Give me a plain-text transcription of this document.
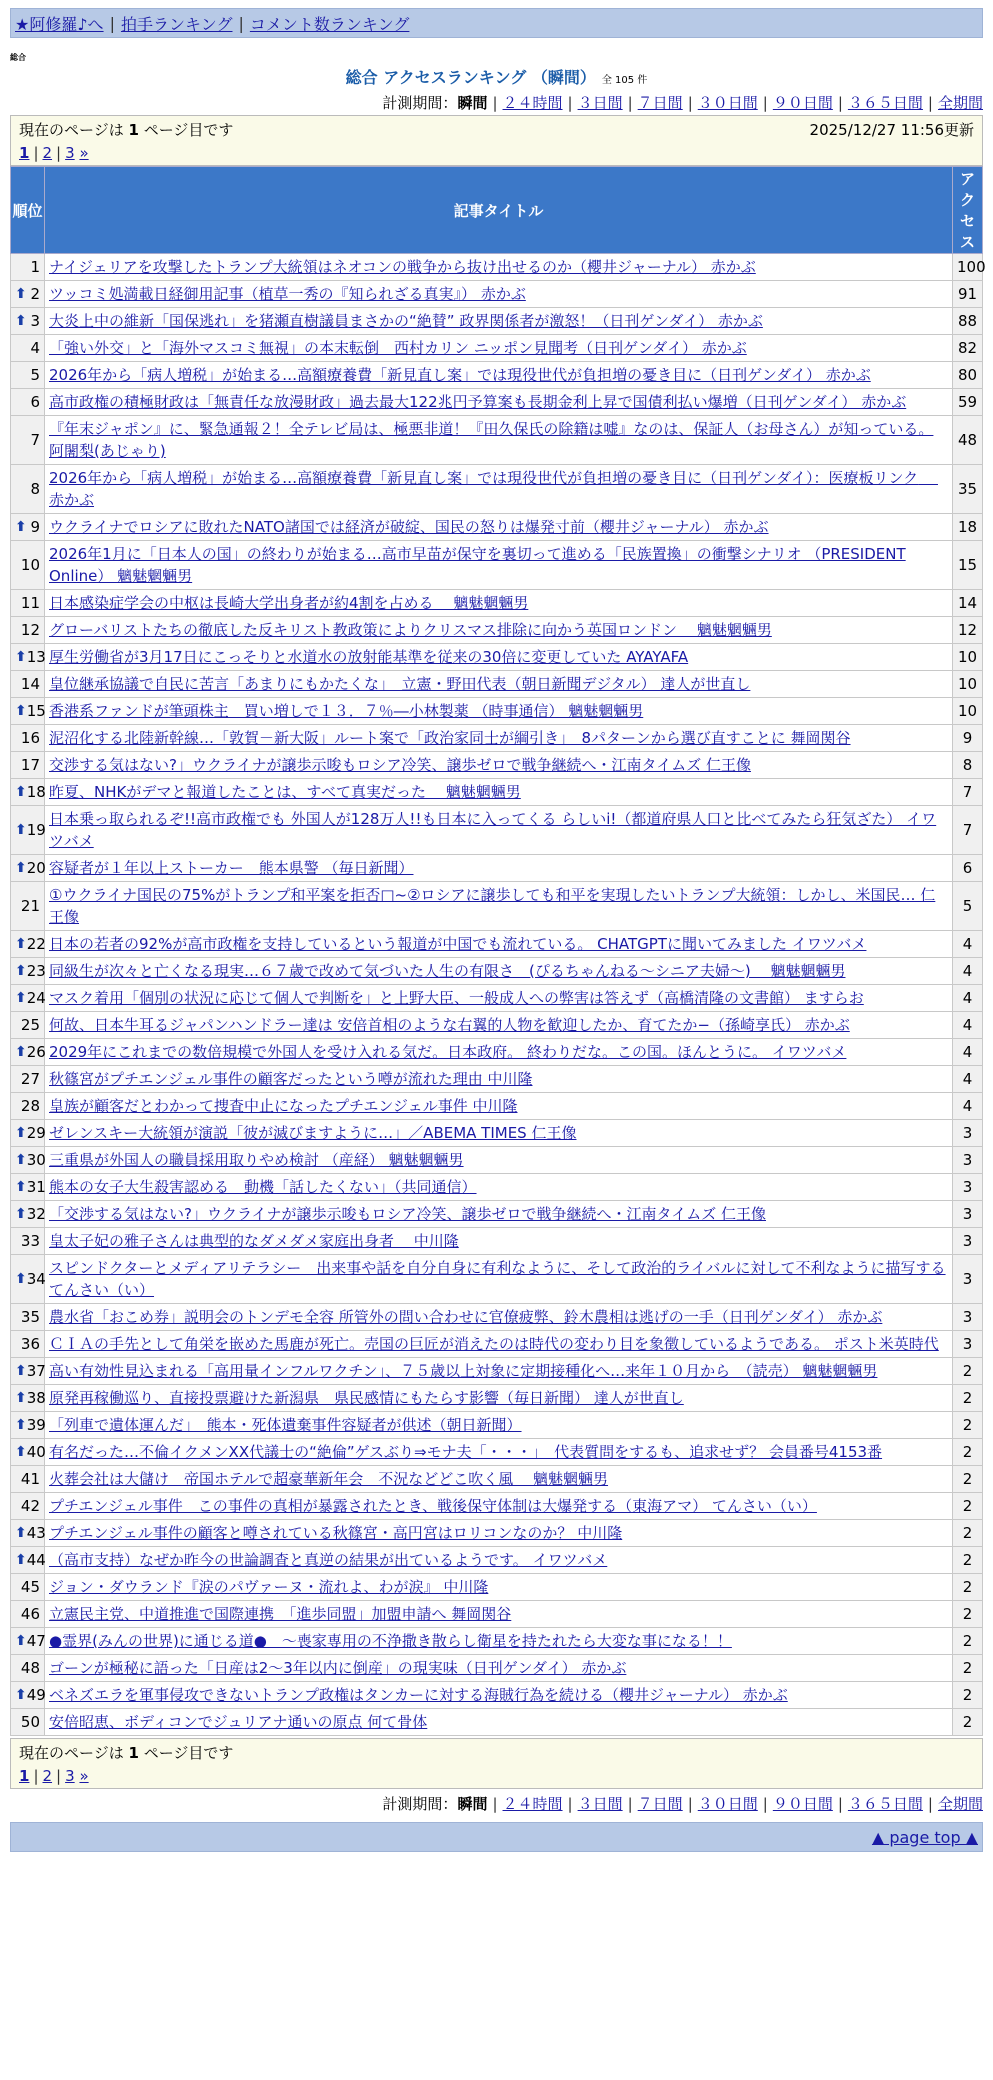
★阿修羅♪へ | 拍手ランキング | コメント数ランキング
総合
総合 アクセスランキング （瞬間） 全 105 件
計測期間：瞬間 | ２４時間 | ３日間 | ７日間 | ３０日間 | ９０日間 | ３６５日間 | 全期間
現在のページは 1 ページ目です	2025/12/27 11:56更新
1 | 2 | 3 »
順位	記事タイトル	アクセス
1	ナイジェリアを攻撃したトランプ大統領はネオコンの戦争から抜け出せるのか（櫻井ジャーナル） 赤かぶ	100

⬆ 2	ツッコミ処満載日経御用記事（植草一秀の『知られざる真実』） 赤かぶ	91

⬆ 3	大炎上中の維新「国保逃れ」を猪瀬直樹議員まさかの“絶賛” 政界関係者が激怒！（日刊ゲンダイ） 赤かぶ	88
4	「強い外交」と「海外マスコミ無視」の本末転倒　西村カリン ニッポン見聞考（日刊ゲンダイ） 赤かぶ	82
5	2026年から「病人増税」が始まる…高額療養費「新見直し案」では現役世代が負担増の憂き目に（日刊ゲンダイ） 赤かぶ	80
6	高市政権の積極財政は「無責任な放漫財政」過去最大122兆円予算案も長期金利上昇で国債利払い爆増（日刊ゲンダイ） 赤かぶ	59
7	『年末ジャポン』に、緊急通報２！全テレビ局は、極悪非道！『田久保氏の除籍は嘘』なのは、保証人（お母さん）が知っている。 阿闍梨(あじゃり)	48
8	2026年から「病人増税」が始まる…高額療養費「新見直し案」では現役世代が負担増の憂き目に（日刊ゲンダイ）：医療板リンク　 赤かぶ	35

⬆ 9	ウクライナでロシアに敗れたNATO諸国では経済が破綻、国民の怒りは爆発寸前（櫻井ジャーナル） 赤かぶ	18
10	2026年1月に「日本人の国」の終わりが始まる…高市早苗が保守を裏切って進める「民族置換」の衝撃シナリオ （PRESIDENT Online） 魑魅魍魎男	15
11	日本感染症学会の中枢は長崎大学出身者が約4割を占める　 魑魅魍魎男	14
12	グローバリストたちの徹底した反キリスト教政策によりクリスマス排除に向かう英国ロンドン　 魑魅魍魎男	12

⬆ 13	厚生労働省が3月17日にこっそりと水道水の放射能基準を従来の30倍に変更していた AYAYAFA	10
14	皇位継承協議で自民に苦言「あまりにもかたくな」　立憲・野田代表（朝日新聞デジタル） 達人が世直し	10

⬆ 15	香港系ファンドが筆頭株主　買い増しで１３．７％―小林製薬 （時事通信） 魑魅魍魎男	10
16	泥沼化する北陸新幹線…「敦賀－新大阪」ルート案で「政治家同士が綱引き」　8パターンから選び直すことに 舞岡関谷	9
17	交渉する気はない?」ウクライナが譲歩示唆もロシア冷笑、譲歩ゼロで戦争継続へ・江南タイムズ 仁王像	8

⬆ 18	昨夏、NHKがデマと報道したことは、すべて真実だった　 魑魅魍魎男	7

⬆ 19	日本乗っ取られるぞ!!高市政権でも 外国人が128万人!!も日本に入ってくる らしいi!（都道府県人口と比べてみたら狂気ざた） イワツバメ	7

⬆ 20	容疑者が１年以上ストーカー　熊本県警 （毎日新聞）	6
21	①ウクライナ国民の75%がトランプ和平案を拒否□~②ロシアに譲歩しても和平を実現したいトランプ大統領：しかし、米国民… 仁王像	5

⬆ 22	日本の若者の92%が高市政権を支持しているという報道が中国でも流れている。 CHATGPTに聞いてみました イワツバメ	4

⬆ 23	同級生が次々と亡くなる現実…６７歳で改めて気づいた人生の有限さ　(ぴるちゃんねる〜シニア夫婦〜)　 魑魅魍魎男	4

⬆ 24	マスク着用「個別の状況に応じて個人で判断を」と上野大臣、一般成人への弊害は答えず（高橋清隆の文書館） ますらお	4
25	何故、日本牛耳るジャパンハンドラー達は 安倍首相のような右翼的人物を歓迎したか、育てたか−（孫崎享氏） 赤かぶ	4

⬆ 26	2029年にこれまでの数倍規模で外国人を受け入れる気だ。日本政府。 終わりだな。この国。ほんとうに。 イワツバメ	4
27	秋篠宮がプチエンジェル事件の顧客だったという噂が流れた理由 中川隆	4
28	皇族が顧客だとわかって捜査中止になったプチエンジェル事件 中川隆	4

⬆ 29	ゼレンスキー大統領が演説「彼が滅びますように…」／ABEMA TIMES 仁王像	3

⬆ 30	三重県が外国人の職員採用取りやめ検討 （産経） 魑魅魍魎男	3

⬆ 31	熊本の女子大生殺害認める　動機「話したくない」（共同通信）	3

⬆ 32	「交渉する気はない?」ウクライナが譲歩示唆もロシア冷笑、譲歩ゼロで戦争継続へ・江南タイムズ 仁王像	3
33	皇太子妃の雅子さんは典型的なダメダメ家庭出身者　 中川隆	3

⬆ 34	スピンドクターとメディアリテラシー　出来事や話を自分自身に有利なように、そして政治的ライバルに対して不利なように描写する てんさい（い）	3
35	農水省「おこめ券」説明会のトンデモ全容 所管外の問い合わせに官僚疲弊、鈴木農相は逃げの一手（日刊ゲンダイ） 赤かぶ	3
36	ＣＩＡの手先として角栄を嵌めた馬鹿が死亡。売国の巨匠が消えたのは時代の変わり目を象徴しているようである。 ポスト米英時代	3

⬆ 37	高い有効性見込まれる「高用量インフルワクチン」、７５歳以上対象に定期接種化へ…来年１０月から　（読売） 魑魅魍魎男	2

⬆ 38	原発再稼働巡り、直接投票避けた新潟県　県民感情にもたらす影響（毎日新聞） 達人が世直し	2

⬆ 39	「列車で遺体運んだ」　熊本・死体遺棄事件容疑者が供述（朝日新聞）	2

⬆ 40	有名だった…不倫イクメンXX代議士の“絶倫”ゲスぶり⇒モナ夫「・・・」　代表質問をするも、追求せず？ 会員番号4153番	2
41	火葬会社は大儲け　帝国ホテルで超豪華新年会　不況などどこ吹く風　 魑魅魍魎男	2
42	プチエンジェル事件　この事件の真相が暴露されたとき、戦後保守体制は大爆発する（東海アマ） てんさい（い）	2

⬆ 43	プチエンジェル事件の顧客と噂されている秋篠宮・高円宮はロリコンなのか？ 中川隆	2

⬆ 44	（高市支持）なぜか昨今の世論調査と真逆の結果が出ているようです。 イワツバメ	2
45	ジョン・ダウランド『涙のパヴァーヌ・流れよ、わが涙』 中川隆	2
46	立憲民主党、中道推進で国際連携　「進歩同盟」加盟申請へ 舞岡関谷	2

⬆ 47	●霊界(みんの世界)に通じる道●　〜喪家専用の不浄撒き散らし衛星を持たれたら大変な事になる！！	2
48	ゴーンが極秘に語った「日産は2～3年以内に倒産」の現実味（日刊ゲンダイ） 赤かぶ	2

⬆ 49	ベネズエラを軍事侵攻できないトランプ政権はタンカーに対する海賊行為を続ける（櫻井ジャーナル） 赤かぶ	2
50	安倍昭恵、ボディコンでジュリアナ通いの原点 何て骨体	2
現在のページは 1 ページ目です
1 | 2 | 3 »
計測期間：瞬間 | ２４時間 | ３日間 | ７日間 | ３０日間 | ９０日間 | ３６５日間 | 全期間
▲ page top ▲
